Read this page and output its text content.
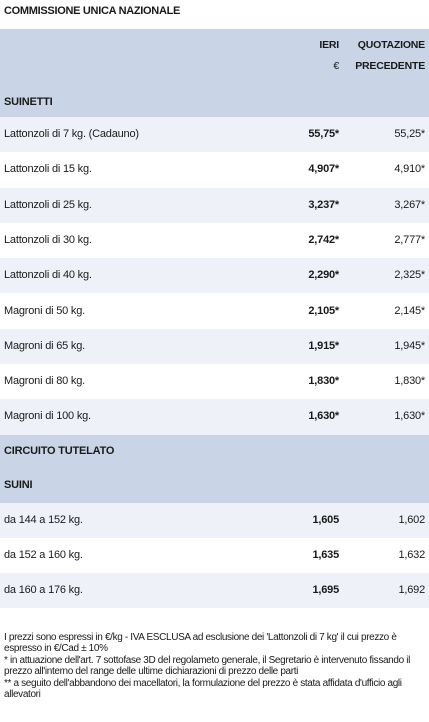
COMMISSIONE UNICA NAZIONALE
IERI
€
QUOTAZIONE
PRECEDENTE
SUINETTI
Lattonzoli di 7 kg. (Cadauno)	55,75*	55,25*
Lattonzoli di 15 kg.	4,907*	4,910*
Lattonzoli di 25 kg.	3,237*	3,267*
Lattonzoli di 30 kg.	2,742*	2,777*
Lattonzoli di 40 kg.	2,290*	2,325*
Magroni di 50 kg.	2,105*	2,145*
Magroni di 65 kg.	1,915*	1,945*
Magroni di 80 kg.	1,830*	1,830*
Magroni di 100 kg.	1,630*	1,630*
CIRCUITO TUTELATO
SUINI
da 144 a 152 kg.	1,605	1,602
da 152 a 160 kg.	1,635	1,632
da 160 a 176 kg.	1,695	1,692

I prezzi sono espressi in €/kg - IVA ESCLUSA ad esclusione dei 'Lattonzoli di 7 kg' il cui prezzo è espresso in €/Cad ± 10%

* in attuazione dell'art. 7 sottofase 3D del regolameto generale, il Segretario è intervenuto fissando il prezzo all'interno del range delle ultime dichiarazioni di prezzo delle parti

** a seguito dell'abbandono dei macellatori, la formulazione del prezzo è stata affidata d'ufficio agli allevatori
